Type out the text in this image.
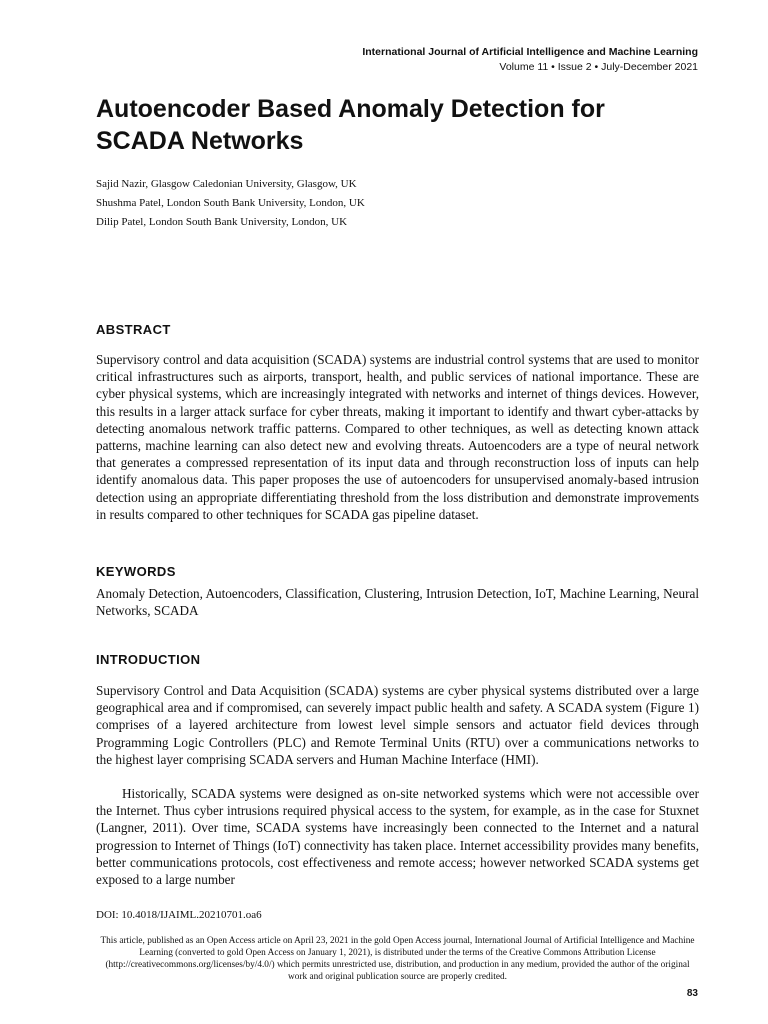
International Journal of Artificial Intelligence and Machine Learning
Volume 11 • Issue 2 • July-December 2021
Autoencoder Based Anomaly Detection for SCADA Networks
Sajid Nazir, Glasgow Caledonian University, Glasgow, UK
Shushma Patel, London South Bank University, London, UK
Dilip Patel, London South Bank University, London, UK
ABSTRACT

Supervisory control and data acquisition (SCADA) systems are industrial control systems that are used to monitor critical infrastructures such as airports, transport, health, and public services of national importance. These are cyber physical systems, which are increasingly integrated with networks and internet of things devices. However, this results in a larger attack surface for cyber threats, making it important to identify and thwart cyber-attacks by detecting anomalous network traffic patterns. Compared to other techniques, as well as detecting known attack patterns, machine learning can also detect new and evolving threats. Autoencoders are a type of neural network that generates a compressed representation of its input data and through reconstruction loss of inputs can help identify anomalous data. This paper proposes the use of autoencoders for unsupervised anomaly-based intrusion detection using an appropriate differentiating threshold from the loss distribution and demonstrate improvements in results compared to other techniques for SCADA gas pipeline dataset.

KEYWORDS

Anomaly Detection, Autoencoders, Classification, Clustering, Intrusion Detection, IoT, Machine Learning, Neural Networks, SCADA

INTRODUCTION

Supervisory Control and Data Acquisition (SCADA) systems are cyber physical systems distributed over a large geographical area and if compromised, can severely impact public health and safety. A SCADA system (Figure 1) comprises of a layered architecture from lowest level simple sensors and actuator field devices through Programming Logic Controllers (PLC) and Remote Terminal Units (RTU) over a communications networks to the highest layer comprising SCADA servers and Human Machine Interface (HMI).

Historically, SCADA systems were designed as on-site networked systems which were not accessible over the Internet. Thus cyber intrusions required physical access to the system, for example, as in the case for Stuxnet (Langner, 2011). Over time, SCADA systems have increasingly been connected to the Internet and a natural progression to Internet of Things (IoT) connectivity has taken place. Internet accessibility provides many benefits, better communications protocols, cost effectiveness and remote access; however networked SCADA systems get exposed to a large number

DOI: 10.4018/IJAIML.20210701.oa6

This article, published as an Open Access article on April 23, 2021 in the gold Open Access journal, International Journal of Artificial Intelligence and Machine Learning (converted to gold Open Access on January 1, 2021), is distributed under the terms of the Creative Commons Attribution License (http://creativecommons.org/licenses/by/4.0/) which permits unrestricted use, distribution, and production in any medium, provided the author of the original work and original publication source are properly credited.

83
